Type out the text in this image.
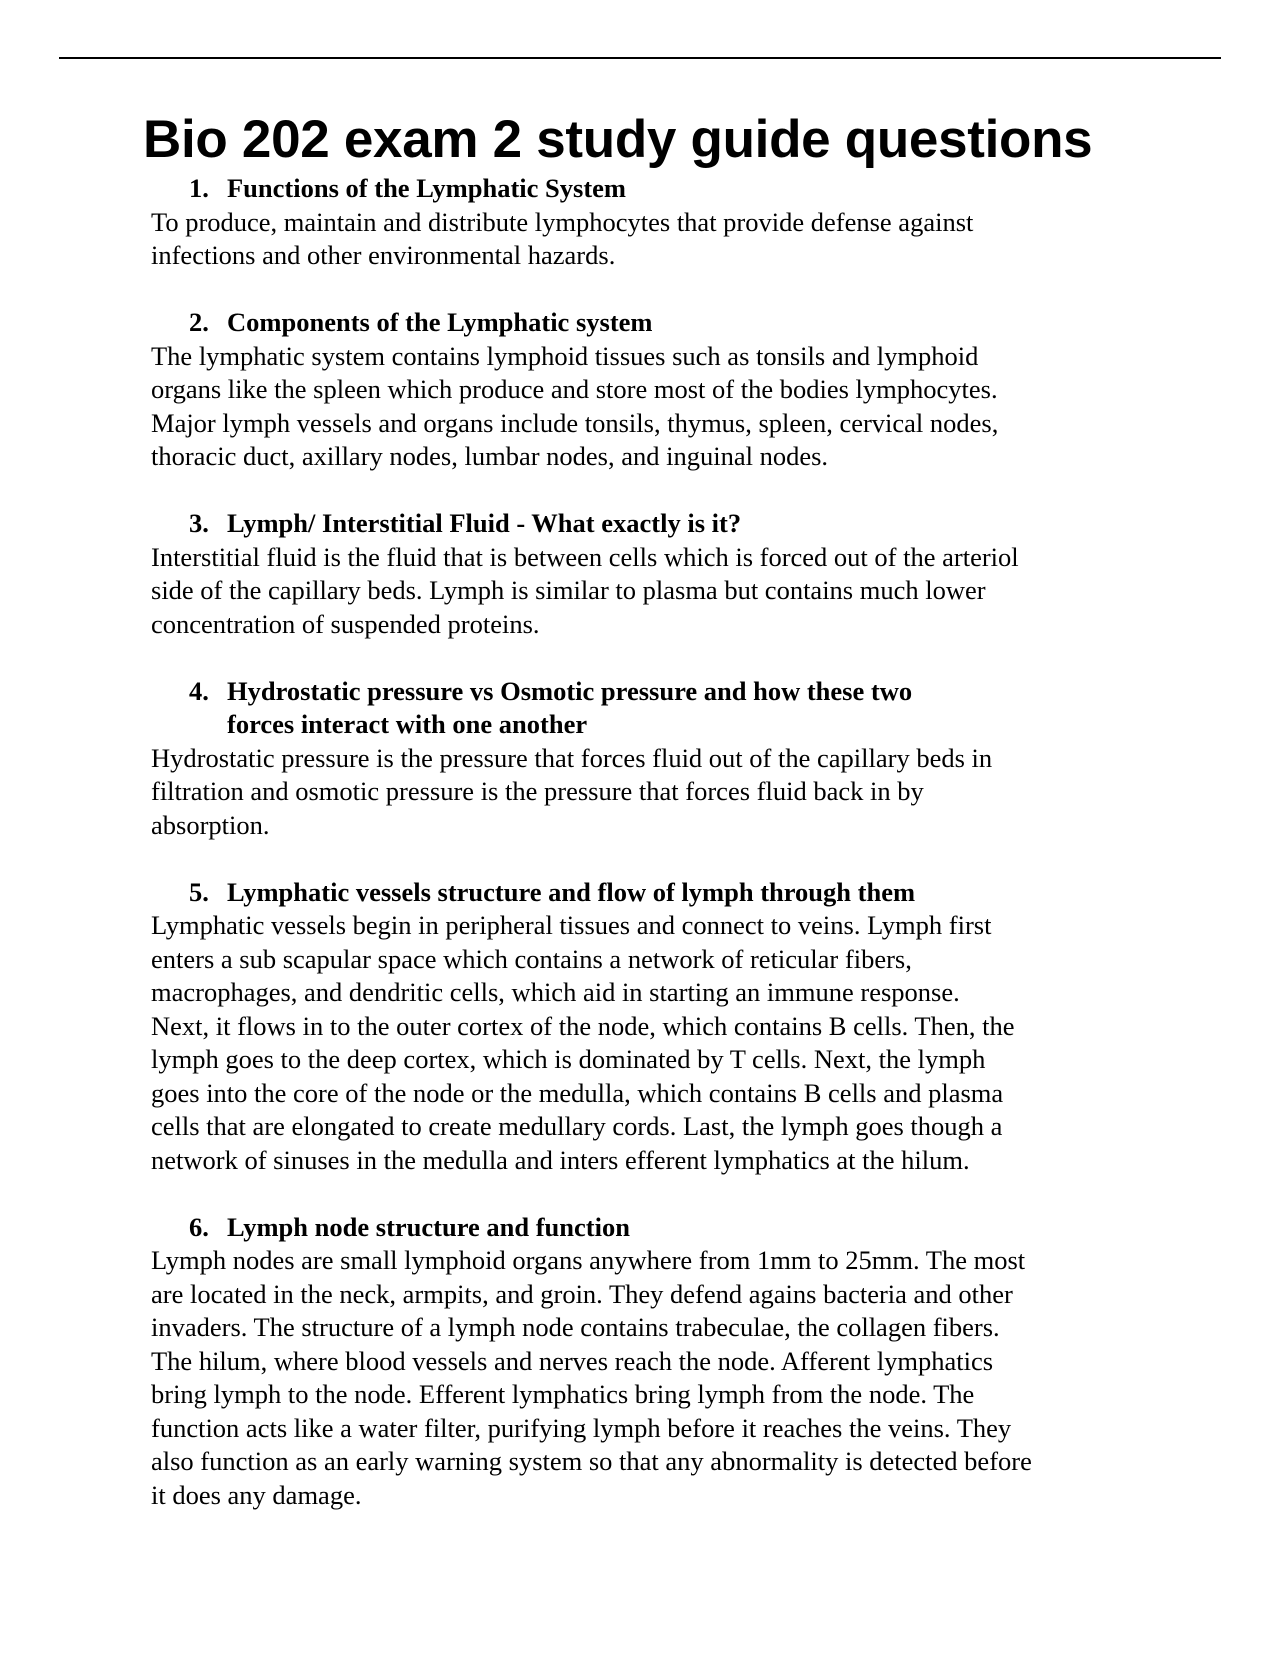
Bio 202 exam 2 study guide questions

1. Functions of the Lymphatic System

To produce, maintain and distribute lymphocytes that provide defense against
infections and other environmental hazards.

2. Components of the Lymphatic system

The lymphatic system contains lymphoid tissues such as tonsils and lymphoid
organs like the spleen which produce and store most of the bodies lymphocytes.
Major lymph vessels and organs include tonsils, thymus, spleen, cervical nodes,
thoracic duct, axillary nodes, lumbar nodes, and inguinal nodes.

3. Lymph/ Interstitial Fluid - What exactly is it?

Interstitial fluid is the fluid that is between cells which is forced out of the arteriol
side of the capillary beds. Lymph is similar to plasma but contains much lower
concentration of suspended proteins.

4. Hydrostatic pressure vs Osmotic pressure and how these two forces interact with one another

Hydrostatic pressure is the pressure that forces fluid out of the capillary beds in
filtration and osmotic pressure is the pressure that forces fluid back in by
absorption.

5. Lymphatic vessels structure and flow of lymph through them

Lymphatic vessels begin in peripheral tissues and connect to veins. Lymph first
enters a sub scapular space which contains a network of reticular fibers,
macrophages, and dendritic cells, which aid in starting an immune response.
Next, it flows in to the outer cortex of the node, which contains B cells. Then, the
lymph goes to the deep cortex, which is dominated by T cells. Next, the lymph
goes into the core of the node or the medulla, which contains B cells and plasma
cells that are elongated to create medullary cords. Last, the lymph goes though a
network of sinuses in the medulla and inters efferent lymphatics at the hilum.

6. Lymph node structure and function

Lymph nodes are small lymphoid organs anywhere from 1mm to 25mm. The most
are located in the neck, armpits, and groin. They defend agains bacteria and other
invaders. The structure of a lymph node contains trabeculae, the collagen fibers.
The hilum, where blood vessels and nerves reach the node. Afferent lymphatics
bring lymph to the node. Efferent lymphatics bring lymph from the node. The
function acts like a water filter, purifying lymph before it reaches the veins. They
also function as an early warning system so that any abnormality is detected before
it does any damage.
